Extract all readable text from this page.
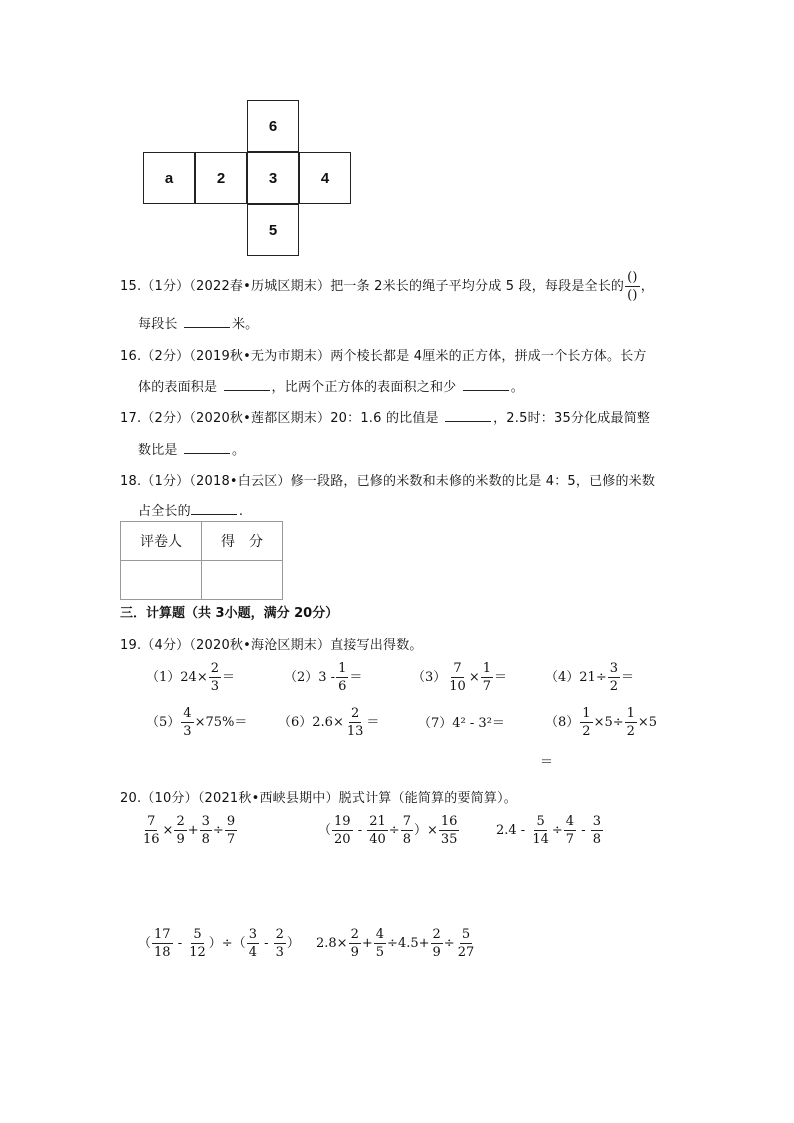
6
a	2	3	4
5
15.（1分）（2022春•历城区期末）把一条 2米长的绳子平均分成 5 段，每段是全长的 $\frac{()}{()}$ ，
每段长	米。
16.（2分）（2019秋•无为市期末）两个棱长都是 4厘米的正方体，拼成一个长方体。长方
体的表面积是	，比两个正方体的表面积之和少	。
17.（2分）（2020秋•莲都区期末）20：1.6 的比值是	，2.5时：35分化成最简整
数比是	。
18.（1分）（2018•白云区）修一段路，已修的米数和未修的米数的比是 4：5，已修的米数
占全长的	.
评卷人	得　分

三．计算题（共 3小题，满分 20分）
19.（4分）（2020秋•海沧区期末）直接写出得数。
$(1)24\times \frac{2}{3}$ ＝	$(2)3 - \frac{1}{6}$ ＝	$(3) \frac{7}{10} \times \frac{1}{7}$ ＝	$(4)21\div \frac{3}{2}$ ＝
$(5) \frac{4}{3} \times 75\%= (6)2.6\times \frac{2}{13}$ ＝	（7）4² - 3²＝	$(8) \frac{1}{2} \times 5\div \frac{1}{2} \times 5$
＝
20.（10分）（2021秋•西峡县期中）脱式计算（能简算的要简算）。
$\frac{7}{16} \times \frac{2}{9} + \frac{3}{8} \div \frac{9}{7}$	（ $\frac{19}{20} - \frac{21}{40} \div \frac{7}{8}$ ）× $\frac{16}{35}$	$2.4 - \frac{5}{14} \div \frac{4}{7} - \frac{3}{8}$
（ $\frac{17}{18} - \frac{5}{12}$ ）÷（ $\frac{3}{4} - \frac{2}{3}$ ） $2.8\times \frac{2}{9} + \frac{4}{5} \div 4.5+ \frac{2}{9} \div \frac{5}{27}$
